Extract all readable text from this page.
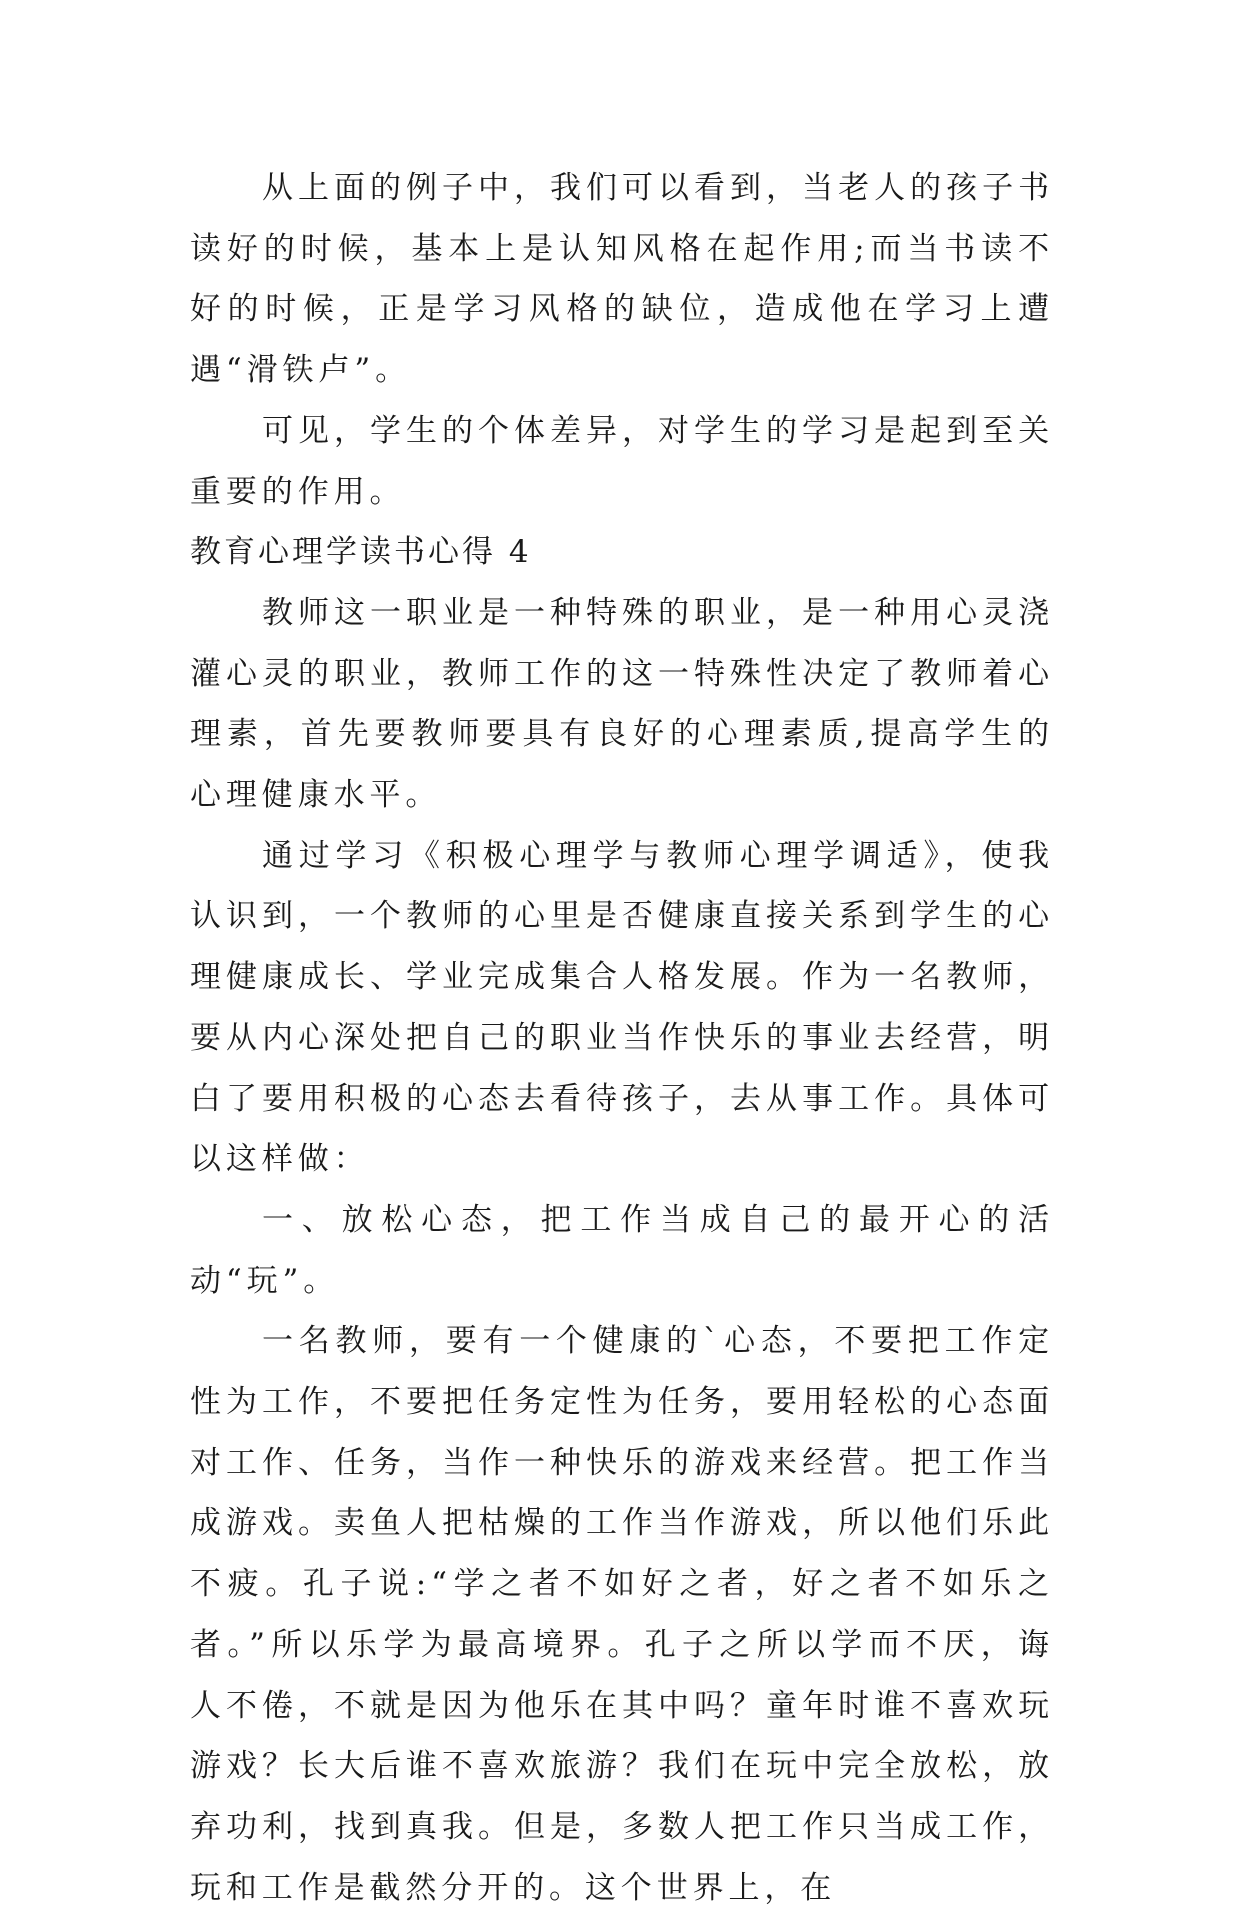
从上面的例子中，我们可以看到，当老人的孩子书读好的时候，基本上是认知风格在起作用;而当书读不好的时候，正是学习风格的缺位，造成他在学习上遭遇“滑铁卢”。

可见，学生的个体差异，对学生的学习是起到至关重要的作用。

教育心理学读书心得 4

教师这一职业是一种特殊的职业，是一种用心灵浇灌心灵的职业，教师工作的这一特殊性决定了教师着心理素，首先要教师要具有良好的心理素质,提高学生的心理健康水平。

通过学习《积极心理学与教师心理学调适》，使我认识到，一个教师的心里是否健康直接关系到学生的心理健康成长、学业完成集合人格发展。作为一名教师，要从内心深处把自己的职业当作快乐的事业去经营，明白了要用积极的心态去看待孩子，去从事工作。具体可以这样做：

一、放松心态，把工作当成自己的最开心的活动“玩”。

一名教师，要有一个健康的`心态，不要把工作定性为工作，不要把任务定性为任务，要用轻松的心态面对工作、任务，当作一种快乐的游戏来经营。把工作当成游戏。卖鱼人把枯燥的工作当作游戏，所以他们乐此不疲。孔子说:“学之者不如好之者，好之者不如乐之者。”所以乐学为最高境界。孔子之所以学而不厌，诲人不倦，不就是因为他乐在其中吗？童年时谁不喜欢玩游戏？长大后谁不喜欢旅游？我们在玩中完全放松，放弃功利，找到真我。但是，多数人把工作只当成工作，玩和工作是截然分开的。这个世界上，在
